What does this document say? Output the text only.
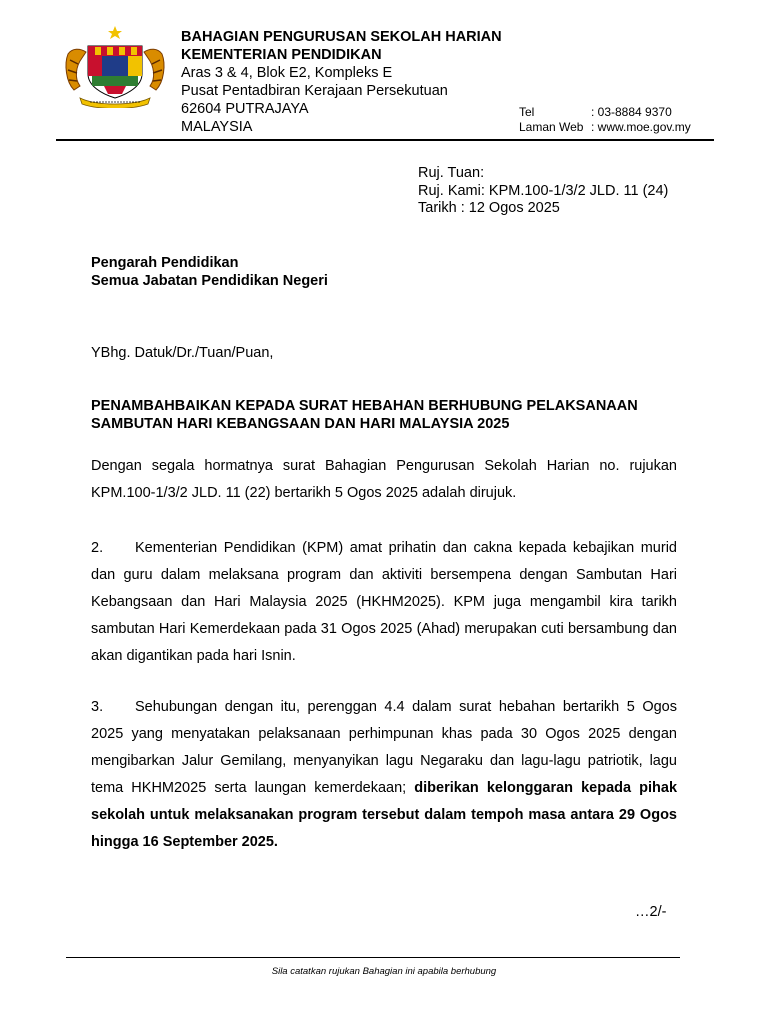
BAHAGIAN PENGURUSAN SEKOLAH HARIAN
KEMENTERIAN PENDIDIKAN
Aras 3 & 4, Blok E2, Kompleks E
Pusat Pentadbiran Kerajaan Persekutuan
62604 PUTRAJAYA
MALAYSIA
Tel	: 03-8884 9370
Laman Web : www.moe.gov.my
Ruj. Tuan:
Ruj. Kami: KPM.100-1/3/2 JLD. 11 (24)
Tarikh : 12 Ogos 2025
Pengarah Pendidikan
Semua Jabatan Pendidikan Negeri
YBhg. Datuk/Dr./Tuan/Puan,
PENAMBAHBAIKAN KEPADA SURAT HEBAHAN BERHUBUNG PELAKSANAAN
SAMBUTAN HARI KEBANGSAAN DAN HARI MALAYSIA 2025
Dengan segala hormatnya surat Bahagian Pengurusan Sekolah Harian no. rujukan KPM.100-1/3/2 JLD. 11 (22) bertarikh 5 Ogos 2025 adalah dirujuk.
2. Kementerian Pendidikan (KPM) amat prihatin dan cakna kepada kebajikan murid dan guru dalam melaksana program dan aktiviti bersempena dengan Sambutan Hari Kebangsaan dan Hari Malaysia 2025 (HKHM2025). KPM juga mengambil kira tarikh sambutan Hari Kemerdekaan pada 31 Ogos 2025 (Ahad) merupakan cuti bersambung dan akan digantikan pada hari Isnin.
3. Sehubungan dengan itu, perenggan 4.4 dalam surat hebahan bertarikh 5 Ogos 2025 yang menyatakan pelaksanaan perhimpunan khas pada 30 Ogos 2025 dengan mengibarkan Jalur Gemilang, menyanyikan lagu Negaraku dan lagu-lagu patriotik, lagu tema HKHM2025 serta laungan kemerdekaan; diberikan kelonggaran kepada pihak sekolah untuk melaksanakan program tersebut dalam tempoh masa antara 29 Ogos hingga 16 September 2025.
…2/-
Sila catatkan rujukan Bahagian ini apabila berhubung
